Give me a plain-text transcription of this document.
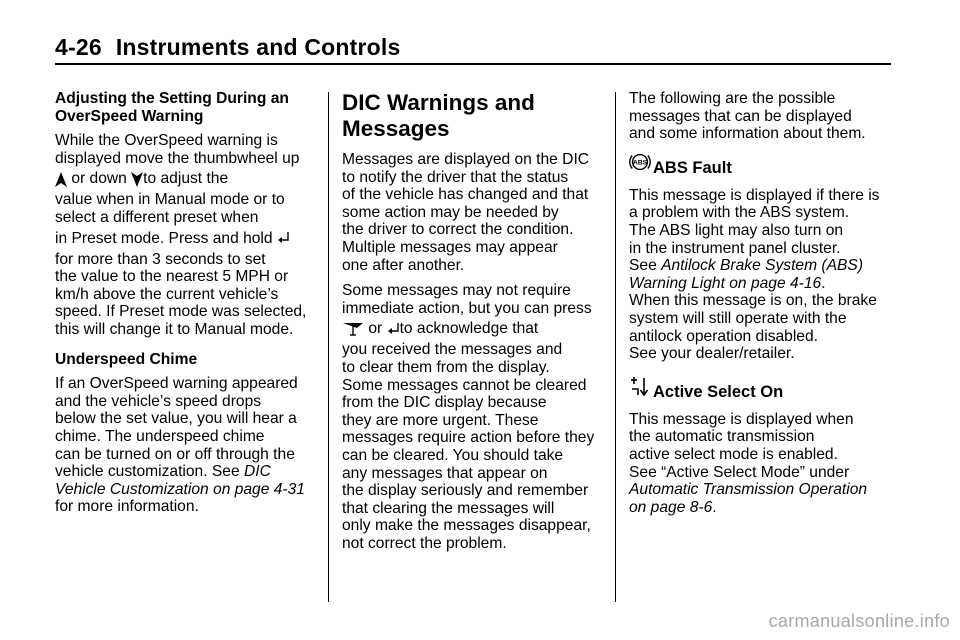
4-26 Instruments and Controls
Adjusting the Setting During an OverSpeed Warning

While the OverSpeed warning is
displayed move the thumbwheel up

or down to adjust the
value when in Manual mode or to
select a different preset when
in Preset mode. Press and hold

for more than 3 seconds to set
the value to the nearest 5 MPH or
km/h above the current vehicle’s
speed. If Preset mode was selected,
this will change it to Manual mode.

Underspeed Chime

If an OverSpeed warning appeared
and the vehicle’s speed drops
below the set value, you will hear a
chime. The underspeed chime
can be turned on or off through the
vehicle customization. See DIC
Vehicle Customization on page 4-31
for more information.

DIC Warnings and
Messages

Messages are displayed on the DIC
to notify the driver that the status
of the vehicle has changed and that
some action may be needed by
the driver to correct the condition.
Multiple messages may appear
one after another.

Some messages may not require
immediate action, but you can press

or to acknowledge that
you received the messages and
to clear them from the display.
Some messages cannot be cleared
from the DIC display because
they are more urgent. These
messages require action before they
can be cleared. You should take
any messages that appear on
the display seriously and remember
that clearing the messages will
only make the messages disappear,
not correct the problem.

The following are the possible
messages that can be displayed
and some information about them.

ABS ABS Fault

This message is displayed if there is
a problem with the ABS system.
The ABS light may also turn on
in the instrument panel cluster.
See Antilock Brake System (ABS)
Warning Light on page 4-16.
When this message is on, the brake
system will still operate with the
antilock operation disabled.
See your dealer/retailer.

Active Select On

This message is displayed when
the automatic transmission
active select mode is enabled.
See “Active Select Mode” under
Automatic Transmission Operation
on page 8-6.

carmanualsonline.info
